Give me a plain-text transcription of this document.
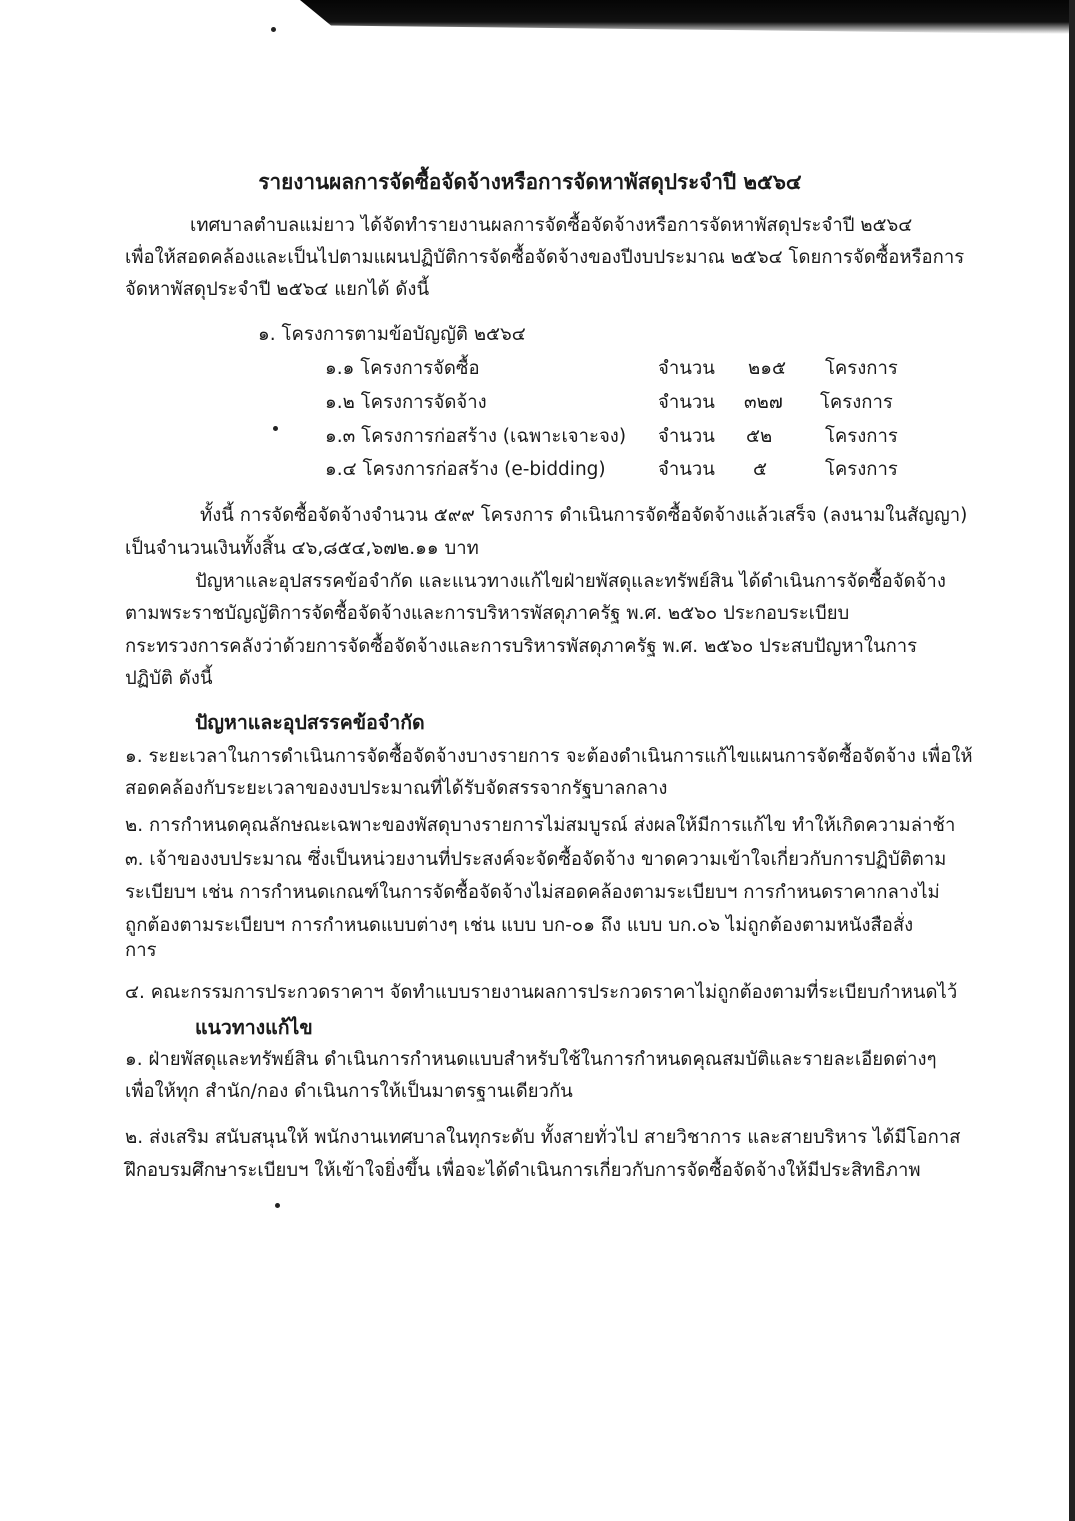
รายงานผลการจัดซื้อจัดจ้างหรือการจัดหาพัสดุประจำปี ๒๕๖๔
เทศบาลตำบลแม่ยาว ได้จัดทำรายงานผลการจัดซื้อจัดจ้างหรือการจัดหาพัสดุประจำปี ๒๕๖๔
เพื่อให้สอดคล้องและเป็นไปตามแผนปฏิบัติการจัดซื้อจัดจ้างของปีงบประมาณ ๒๕๖๔ โดยการจัดซื้อหรือการ
จัดหาพัสดุประจำปี ๒๕๖๔ แยกได้ ดังนี้
๑. โครงการตามข้อบัญญัติ ๒๕๖๔
๑.๑ โครงการจัดซื้อ	จำนวน ๒๑๕ โครงการ
๑.๒ โครงการจัดจ้าง	จำนวน ๓๒๗ โครงการ
๑.๓ โครงการก่อสร้าง (เฉพาะเจาะจง) จำนวน ๕๒	โครงการ
๑.๔ โครงการก่อสร้าง (e-bidding)	จำนวน ๕	โครงการ
ทั้งนี้ การจัดซื้อจัดจ้างจำนวน ๕๙๙ โครงการ ดำเนินการจัดซื้อจัดจ้างแล้วเสร็จ (ลงนามในสัญญา)
เป็นจำนวนเงินทั้งสิ้น ๔๖,๘๕๔,๖๗๒.๑๑ บาท
ปัญหาและอุปสรรคข้อจำกัด และแนวทางแก้ไขฝ่ายพัสดุและทรัพย์สิน ได้ดำเนินการจัดซื้อจัดจ้าง
ตามพระราชบัญญัติการจัดซื้อจัดจ้างและการบริหารพัสดุภาครัฐ พ.ศ. ๒๕๖๐ ประกอบระเบียบ
กระทรวงการคลังว่าด้วยการจัดซื้อจัดจ้างและการบริหารพัสดุภาครัฐ พ.ศ. ๒๕๖๐ ประสบปัญหาในการ
ปฏิบัติ ดังนี้
ปัญหาและอุปสรรคข้อจำกัด
๑. ระยะเวลาในการดำเนินการจัดซื้อจัดจ้างบางรายการ จะต้องดำเนินการแก้ไขแผนการจัดซื้อจัดจ้าง เพื่อให้
สอดคล้องกับระยะเวลาของงบประมาณที่ได้รับจัดสรรจากรัฐบาลกลาง
๒. การกำหนดคุณลักษณะเฉพาะของพัสดุบางรายการไม่สมบูรณ์ ส่งผลให้มีการแก้ไข ทำให้เกิดความล่าช้า
๓. เจ้าของงบประมาณ ซึ่งเป็นหน่วยงานที่ประสงค์จะจัดซื้อจัดจ้าง ขาดความเข้าใจเกี่ยวกับการปฏิบัติตาม
ระเบียบฯ เช่น การกำหนดเกณฑ์ในการจัดซื้อจัดจ้างไม่สอดคล้องตามระเบียบฯ การกำหนดราคากลางไม่
ถูกต้องตามระเบียบฯ การกำหนดแบบต่างๆ เช่น แบบ บก-๐๑ ถึง แบบ บก.๐๖ ไม่ถูกต้องตามหนังสือสั่ง
การ
๔. คณะกรรมการประกวดราคาฯ จัดทำแบบรายงานผลการประกวดราคาไม่ถูกต้องตามที่ระเบียบกำหนดไว้
แนวทางแก้ไข
๑. ฝ่ายพัสดุและทรัพย์สิน ดำเนินการกำหนดแบบสำหรับใช้ในการกำหนดคุณสมบัติและรายละเอียดต่างๆ
เพื่อให้ทุก สำนัก/กอง ดำเนินการให้เป็นมาตรฐานเดียวกัน
๒. ส่งเสริม สนับสนุนให้ พนักงานเทศบาลในทุกระดับ ทั้งสายทั่วไป สายวิชาการ และสายบริหาร ได้มีโอกาส
ฝึกอบรมศึกษาระเบียบฯ ให้เข้าใจยิ่งขึ้น เพื่อจะได้ดำเนินการเกี่ยวกับการจัดซื้อจัดจ้างให้มีประสิทธิภาพ
